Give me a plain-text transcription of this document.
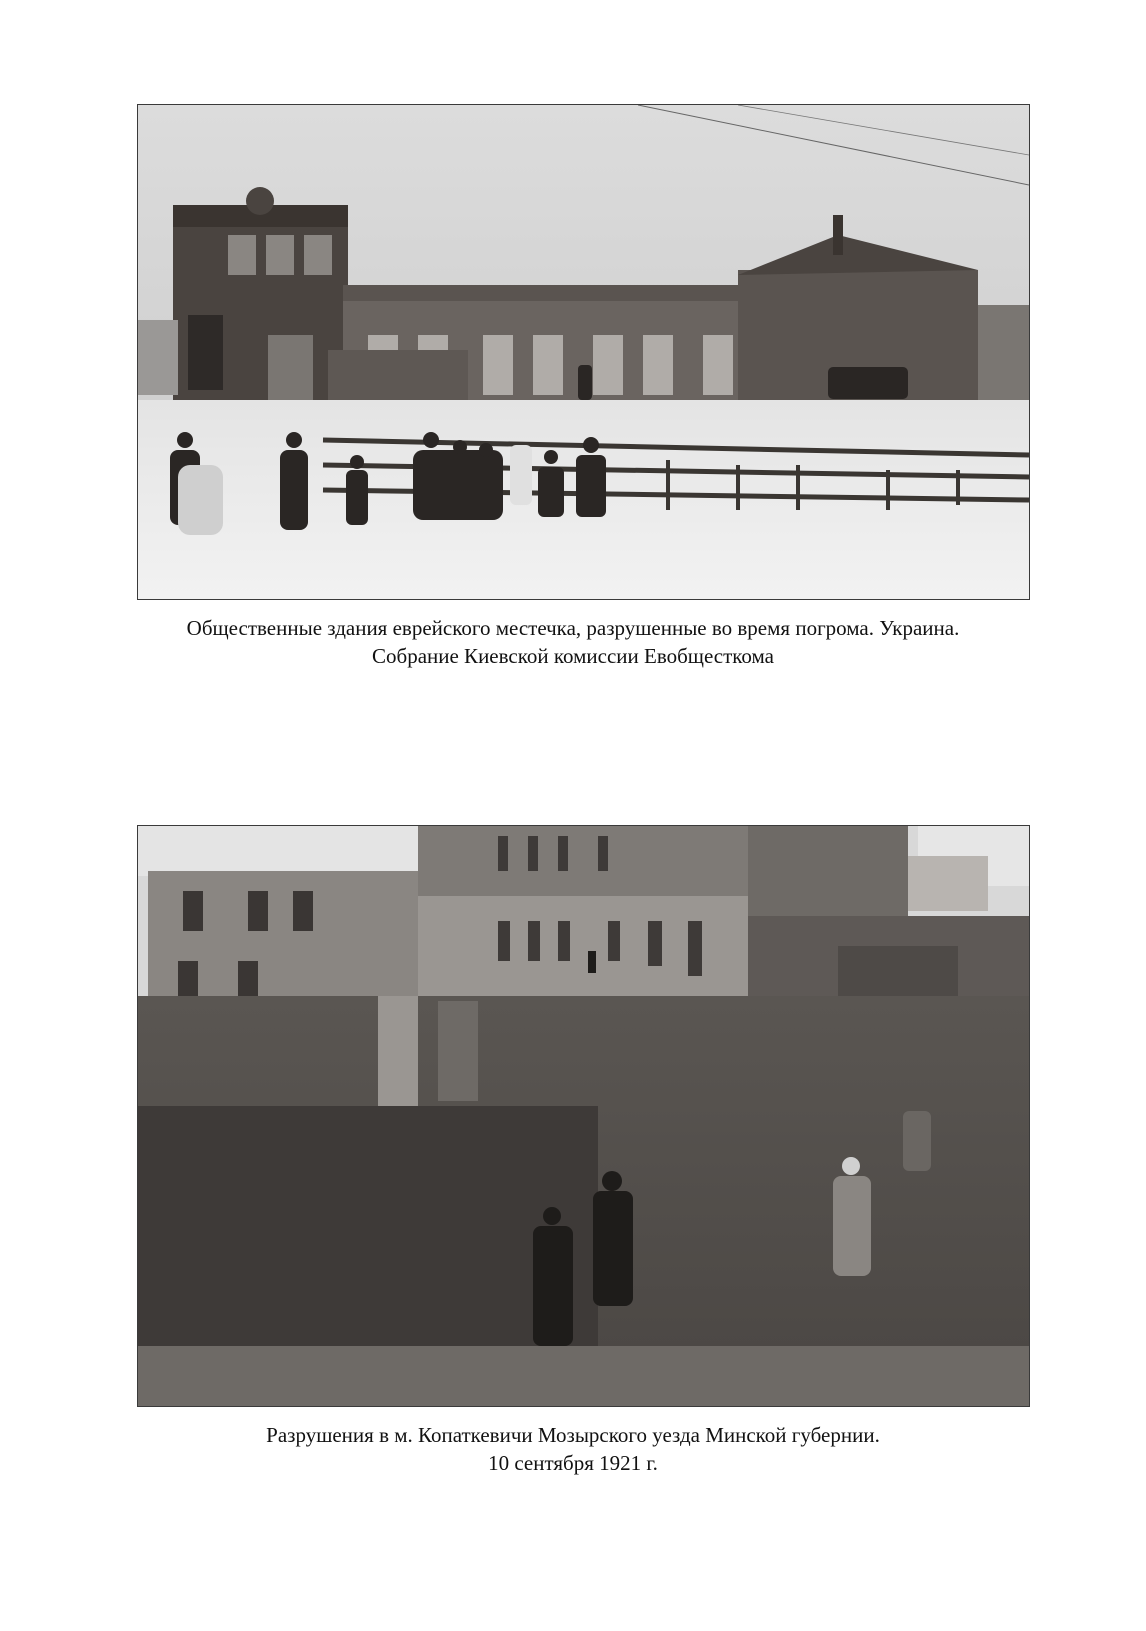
Общественные здания еврейского местечка, разрушенные во время погрома. Украина.
Собрание Киевской комиссии Евобщесткома
Разрушения в м. Копаткевичи Мозырского уезда Минской губернии.
10 сентября 1921 г.
